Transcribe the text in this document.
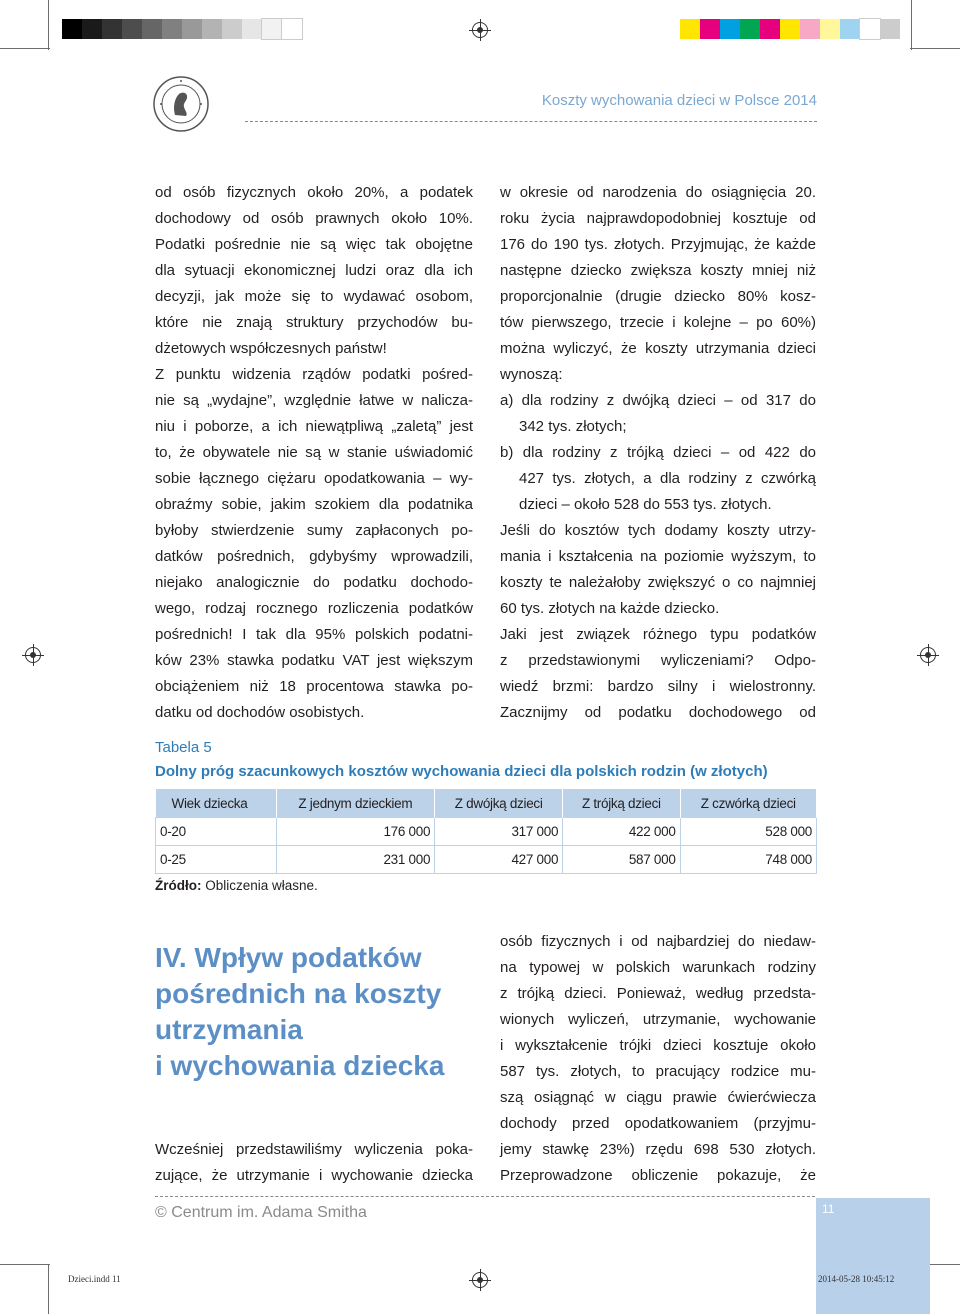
Koszty wychowania dzieci w Polsce 2014

od osób fizycznych około 20%, a podatek
dochodowy od osób prawnych około 10%.
Podatki pośrednie nie są więc tak obojętne
dla sytuacji ekonomicznej ludzi oraz dla ich
decyzji, jak może się to wydawać osobom,
które nie znają struktury przychodów bu-
dżetowych współczesnych państw!

Z punktu widzenia rządów podatki pośred-
nie są „wydajne”, względnie łatwe w nalicza-
niu i poborze, a ich niewątpliwą „zaletą” jest
to, że obywatele nie są w stanie uświadomić
sobie łącznego ciężaru opodatkowania – wy-
obraźmy sobie, jakim szokiem dla podatnika
byłoby stwierdzenie sumy zapłaconych po-
datków pośrednich, gdybyśmy wprowadzili,
niejako analogicznie do podatku dochodo-
wego, rodzaj rocznego rozliczenia podatków
pośrednich! I tak dla 95% polskich podatni-
ków 23% stawka podatku VAT jest większym
obciążeniem niż 18 procentowa stawka po-
datku od dochodów osobistych.

w okresie od narodzenia do osiągnięcia 20.
roku życia najprawdopodobniej kosztuje od
176 do 190 tys. złotych. Przyjmując, że każde
następne dziecko zwiększa koszty mniej niż
proporcjonalnie (drugie dziecko 80% kosz-
tów pierwszego, trzecie i kolejne – po 60%)
można wyliczyć, że koszty utrzymania dzieci
wynoszą:

a) dla rodziny z dwójką dzieci – od 317 do
342 tys. złotych;

b) dla rodziny z trójką dzieci – od 422 do
427 tys. złotych, a dla rodziny z czwórką
dzieci – około 528 do 553 tys. złotych.

Jeśli do kosztów tych dodamy koszty utrzy-
mania i kształcenia na poziomie wyższym, to
koszty te należałoby zwiększyć o co najmniej
60 tys. złotych na każde dziecko.

Jaki jest związek różnego typu podatków
z przedstawionymi wyliczeniami? Odpo-
wiedź brzmi: bardzo silny i wielostronny.
Zacznijmy od podatku dochodowego od

Tabela 5
Dolny próg szacunkowych kosztów wychowania dzieci dla polskich rodzin (w złotych)
Wiek dziecka	Z jednym dzieckiem	Z dwójką dzieci	Z trójką dzieci	Z czwórką dzieci
0-20	176 000	317 000	422 000	528 000
0-25	231 000	427 000	587 000	748 000
Źródło: Obliczenia własne.
IV. Wpływ podatków
pośrednich na koszty
utrzymania
i wychowania dziecka
Wcześniej przedstawiliśmy wyliczenia poka-
zujące, że utrzymanie i wychowanie dziecka
osób fizycznych i od najbardziej do niedaw-
na typowej w polskich warunkach rodziny
z trójką dzieci. Ponieważ, według przedsta-
wionych wyliczeń, utrzymanie, wychowanie
i wykształcenie trójki dzieci kosztuje około
587 tys. złotych, to pracujący rodzice mu-
szą osiągnąć w ciągu prawie ćwierćwiecza
dochody przed opodatkowaniem (przyjmu-
jemy stawkę 23%) rzędu 698 530 złotych.
Przeprowadzone obliczenie pokazuje, że
© Centrum im. Adama Smitha	11
Dzieci.indd 11	2014-05-28 10:45:12
